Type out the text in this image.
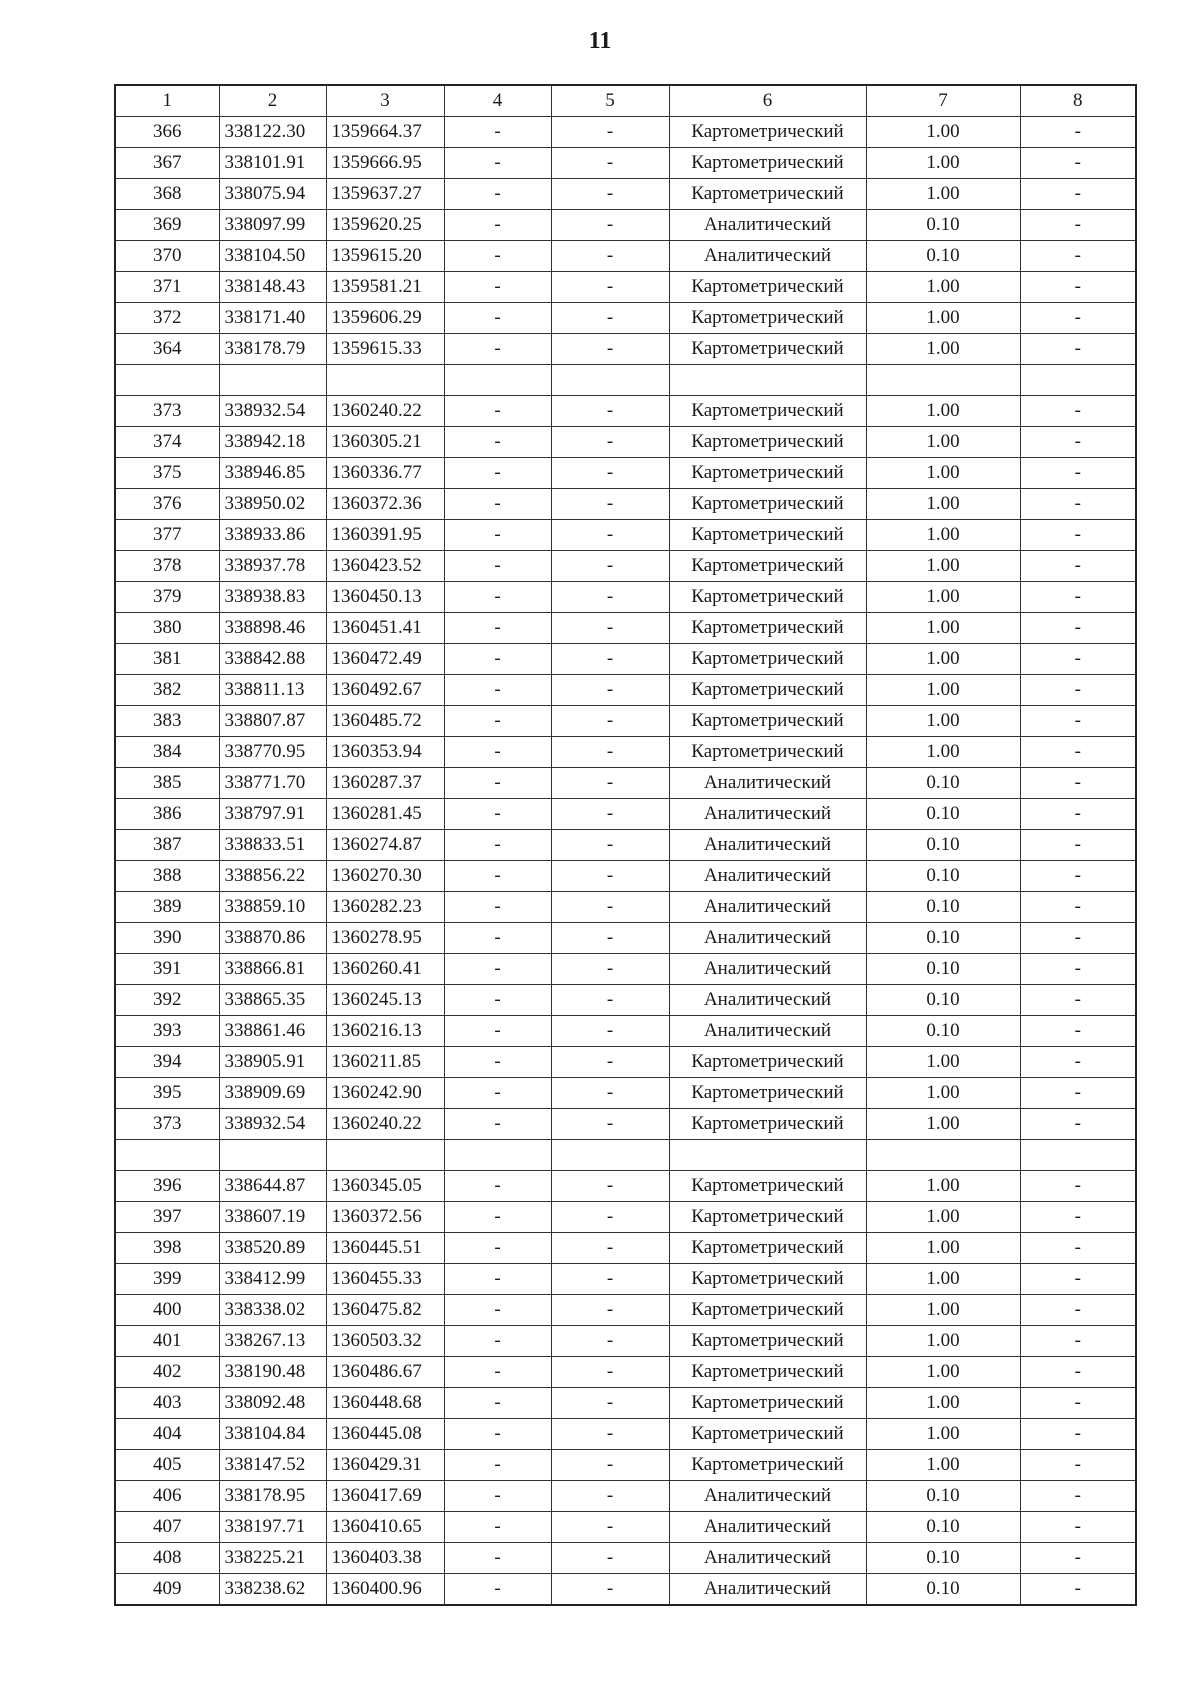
11
1	2	3	4	5	6	7	8
366	338122.30	1359664.37	-	-	Картометрический	1.00	-
367	338101.91	1359666.95	-	-	Картометрический	1.00	-
368	338075.94	1359637.27	-	-	Картометрический	1.00	-
369	338097.99	1359620.25	-	-	Аналитический	0.10	-
370	338104.50	1359615.20	-	-	Аналитический	0.10	-
371	338148.43	1359581.21	-	-	Картометрический	1.00	-
372	338171.40	1359606.29	-	-	Картометрический	1.00	-
364	338178.79	1359615.33	-	-	Картометрический	1.00	-

373	338932.54	1360240.22	-	-	Картометрический	1.00	-
374	338942.18	1360305.21	-	-	Картометрический	1.00	-
375	338946.85	1360336.77	-	-	Картометрический	1.00	-
376	338950.02	1360372.36	-	-	Картометрический	1.00	-
377	338933.86	1360391.95	-	-	Картометрический	1.00	-
378	338937.78	1360423.52	-	-	Картометрический	1.00	-
379	338938.83	1360450.13	-	-	Картометрический	1.00	-
380	338898.46	1360451.41	-	-	Картометрический	1.00	-
381	338842.88	1360472.49	-	-	Картометрический	1.00	-
382	338811.13	1360492.67	-	-	Картометрический	1.00	-
383	338807.87	1360485.72	-	-	Картометрический	1.00	-
384	338770.95	1360353.94	-	-	Картометрический	1.00	-
385	338771.70	1360287.37	-	-	Аналитический	0.10	-
386	338797.91	1360281.45	-	-	Аналитический	0.10	-
387	338833.51	1360274.87	-	-	Аналитический	0.10	-
388	338856.22	1360270.30	-	-	Аналитический	0.10	-
389	338859.10	1360282.23	-	-	Аналитический	0.10	-
390	338870.86	1360278.95	-	-	Аналитический	0.10	-
391	338866.81	1360260.41	-	-	Аналитический	0.10	-
392	338865.35	1360245.13	-	-	Аналитический	0.10	-
393	338861.46	1360216.13	-	-	Аналитический	0.10	-
394	338905.91	1360211.85	-	-	Картометрический	1.00	-
395	338909.69	1360242.90	-	-	Картометрический	1.00	-
373	338932.54	1360240.22	-	-	Картометрический	1.00	-

396	338644.87	1360345.05	-	-	Картометрический	1.00	-
397	338607.19	1360372.56	-	-	Картометрический	1.00	-
398	338520.89	1360445.51	-	-	Картометрический	1.00	-
399	338412.99	1360455.33	-	-	Картометрический	1.00	-
400	338338.02	1360475.82	-	-	Картометрический	1.00	-
401	338267.13	1360503.32	-	-	Картометрический	1.00	-
402	338190.48	1360486.67	-	-	Картометрический	1.00	-
403	338092.48	1360448.68	-	-	Картометрический	1.00	-
404	338104.84	1360445.08	-	-	Картометрический	1.00	-
405	338147.52	1360429.31	-	-	Картометрический	1.00	-
406	338178.95	1360417.69	-	-	Аналитический	0.10	-
407	338197.71	1360410.65	-	-	Аналитический	0.10	-
408	338225.21	1360403.38	-	-	Аналитический	0.10	-
409	338238.62	1360400.96	-	-	Аналитический	0.10	-
